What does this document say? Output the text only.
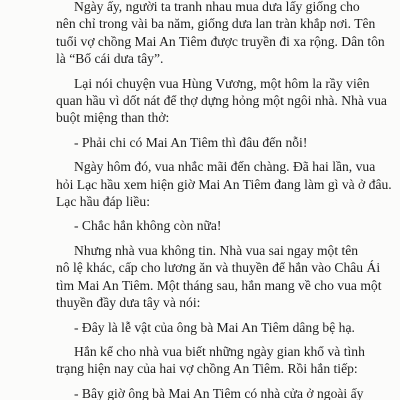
Ngày ấy, người ta tranh nhau mua dưa lấy giống cho
nên chỉ trong vài ba năm, giống dưa lan tràn khắp nơi. Tên
tuổi vợ chồng Mai An Tiêm được truyền đi xa rộng. Dân tôn
là “Bố cái dưa tây”.

Lại nói chuyện vua Hùng Vương, một hôm la rầy viên
quan hầu vì dốt nát để thợ dựng hỏng một ngôi nhà. Nhà vua
buột miệng than thở:

- Phải chi có Mai An Tiêm thì đâu đến nỗi!

Ngày hôm đó, vua nhắc mãi đến chàng. Đã hai lần, vua
hỏi Lạc hầu xem hiện giờ Mai An Tiêm đang làm gì và ở đâu.
Lạc hầu đáp liều:

- Chắc hắn không còn nữa!

Nhưng nhà vua không tin. Nhà vua sai ngay một tên
nô lệ khác, cấp cho lương ăn và thuyền để hắn vào Châu Ái
tìm Mai An Tiêm. Một tháng sau, hắn mang về cho vua một
thuyền đầy dưa tây và nói:

- Đây là lễ vật của ông bà Mai An Tiêm dâng bệ hạ.

Hắn kể cho nhà vua biết những ngày gian khổ và tình
trạng hiện nay của hai vợ chồng An Tiêm. Rồi hắn tiếp:

- Bây giờ ông bà Mai An Tiêm có nhà cửa ở ngoài ấy
